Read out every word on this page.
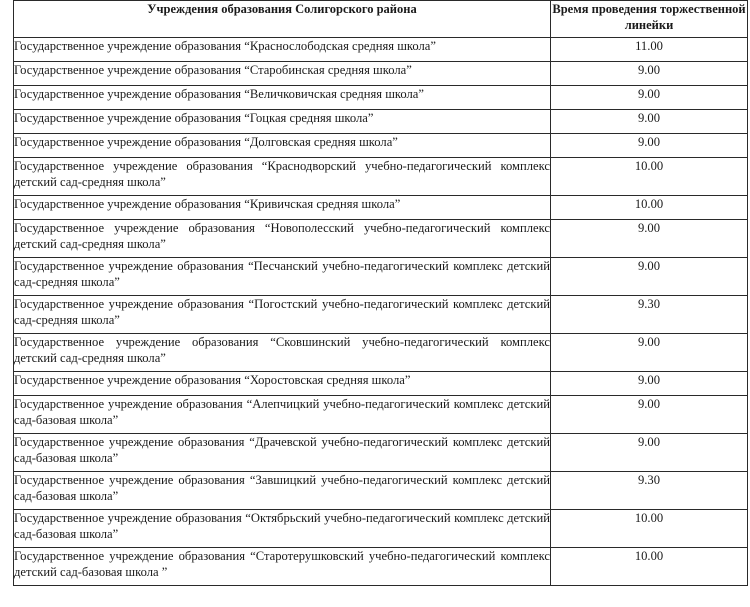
Учреждения образования Солигорского района	Время проведения торжественной линейки
Государственное учреждение образования “Краснослободская средняя школа”	11.00
Государственное учреждение образования “Старобинская средняя школа”	9.00
Государственное учреждение образования “Величковичская средняя школа”	9.00
Государственное учреждение образования “Гоцкая средняя школа”	9.00
Государственное учреждение образования “Долговская средняя школа”	9.00
Государственное учреждение образования “Краснодворский учебно-педагогический комплекс детский сад-средняя школа”	10.00
Государственное учреждение образования “Кривичская средняя школа”	10.00
Государственное учреждение образования “Новополесский учебно-педагогический комплекс детский сад-средняя школа”	9.00
Государственное учреждение образования “Песчанский учебно-педагогический комплекс детский сад-средняя школа”	9.00
Государственное учреждение образования “Погостский учебно-педагогический комплекс детский сад-средняя школа”	9.30
Государственное учреждение образования “Сковшинский учебно-педагогический комплекс детский сад-средняя школа”	9.00
Государственное учреждение образования “Хоростовская средняя школа”	9.00
Государственное учреждение образования “Алепчицкий учебно-педагогический комплекс детский сад-базовая школа”	9.00
Государственное учреждение образования “Драчевской учебно-педагогический комплекс детский сад-базовая школа”	9.00
Государственное учреждение образования “Завшицкий учебно-педагогический комплекс детский сад-базовая школа”	9.30
Государственное учреждение образования “Октябрьский учебно-педагогический комплекс детский сад-базовая школа”	10.00
Государственное учреждение образования “Старотерушковский учебно-педагогический комплекс детский сад-базовая школа ”	10.00
